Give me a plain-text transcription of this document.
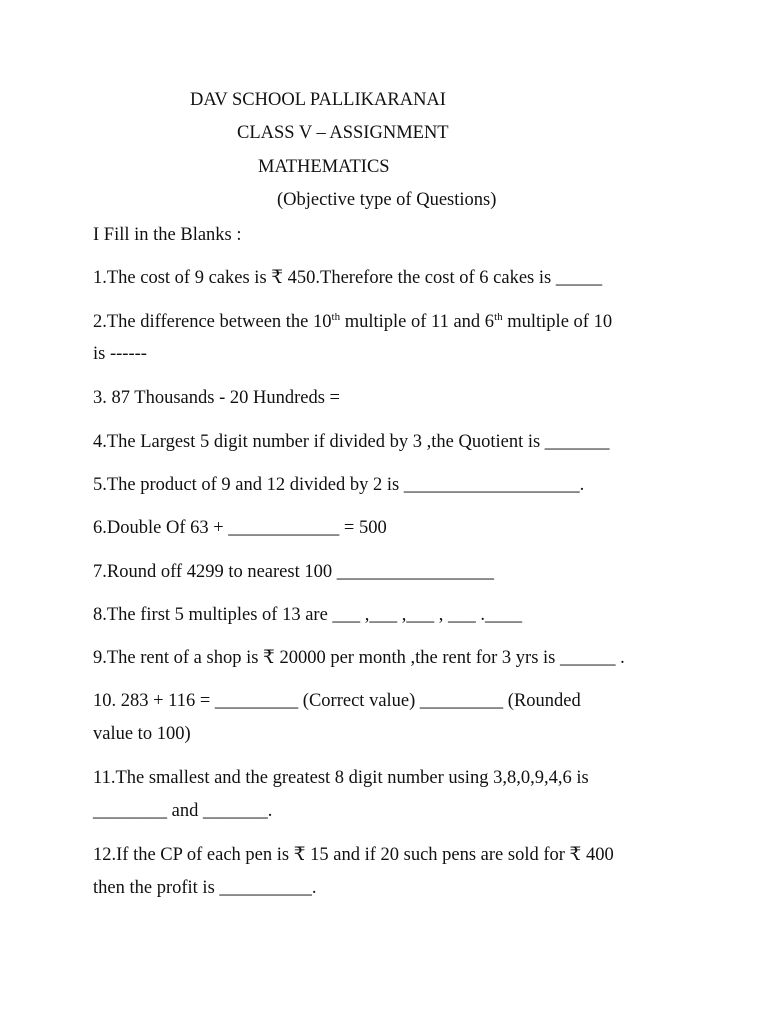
DAV SCHOOL PALLIKARANAI
CLASS V – ASSIGNMENT
MATHEMATICS
(Objective type of Questions)
I Fill in the Blanks :
1.The cost of 9 cakes is ₹ 450.Therefore the cost of 6 cakes is _____
2.The difference between the 10th multiple of 11 and 6th multiple of 10
is ------
3. 87 Thousands - 20 Hundreds =
4.The Largest 5 digit number if divided by 3 ,the Quotient is _______
5.The product of 9 and 12 divided by 2 is ___________________.
6.Double Of 63 + ____________ = 500
7.Round off 4299 to nearest 100 _________________
8.The first 5 multiples of 13 are ___ ,___ ,___ , ___ .____
9.The rent of a shop is ₹ 20000 per month ,the rent for 3 yrs is ______ .
10. 283 + 116 = _________ (Correct value) _________ (Rounded
value to 100)
11.The smallest and the greatest 8 digit number using 3,8,0,9,4,6 is
________ and _______.
12.If the CP of each pen is ₹ 15 and if 20 such pens are sold for ₹ 400
then the profit is __________.
